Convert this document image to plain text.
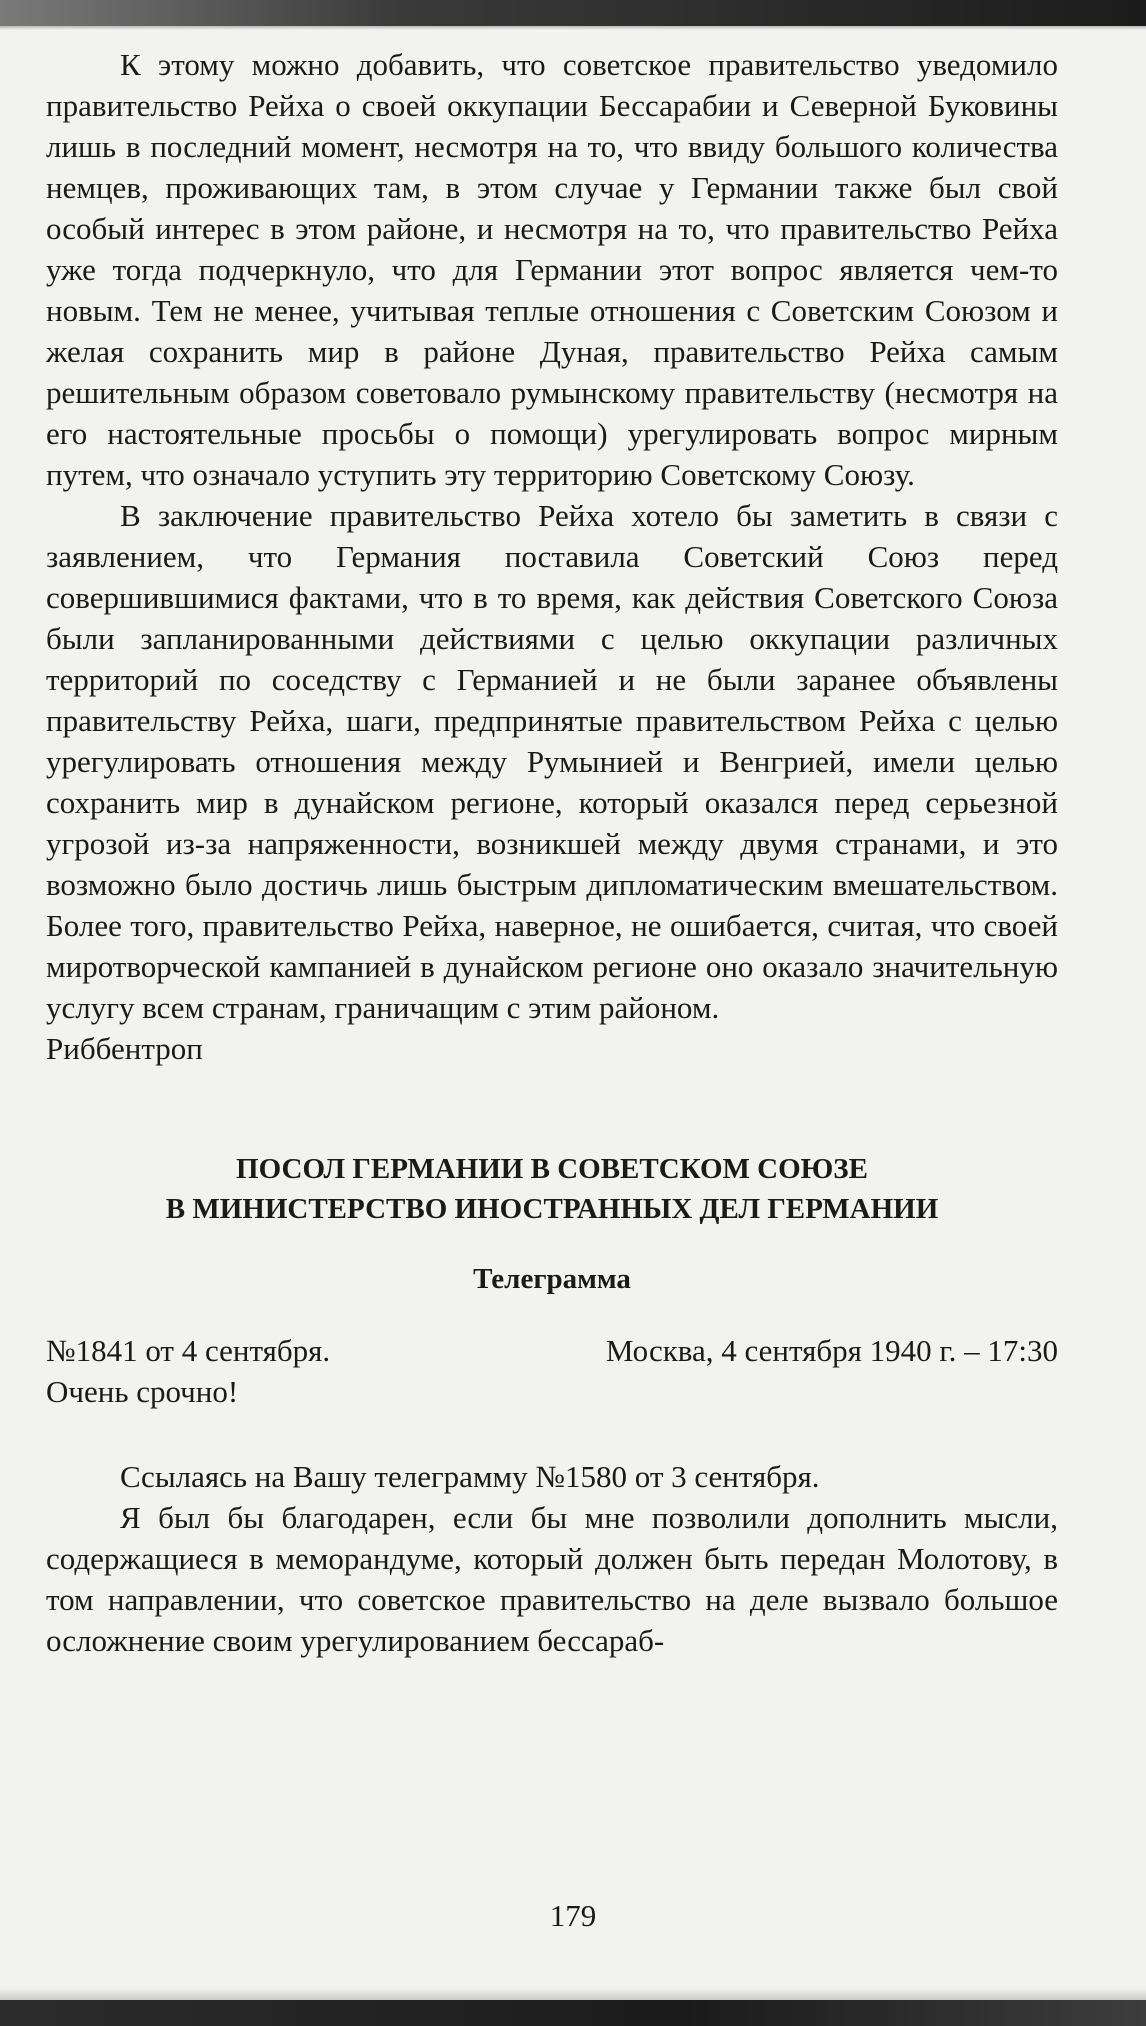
К этому можно добавить, что советское правительство уведомило правительство Рейха о своей оккупации Бессарабии и Северной Буковины лишь в последний момент, несмотря на то, что ввиду большого количества немцев, проживающих там, в этом случае у Германии также был свой особый интерес в этом районе, и несмотря на то, что правительство Рейха уже тогда подчеркнуло, что для Германии этот вопрос является чем-то новым. Тем не менее, учитывая теплые отношения с Советским Союзом и желая сохранить мир в районе Дуная, правительство Рейха самым решительным образом советовало румынскому правительству (несмотря на его настоятельные просьбы о помощи) урегулировать вопрос мирным путем, что означало уступить эту территорию Советскому Союзу.

В заключение правительство Рейха хотело бы заметить в связи с заявлением, что Германия поставила Советский Союз перед совершившимися фактами, что в то время, как действия Советского Союза были запланированными действиями с целью оккупации различных территорий по соседству с Германией и не были заранее объявлены правительству Рейха, шаги, предпринятые правительством Рейха с целью урегулировать отношения между Румынией и Венгрией, имели целью сохранить мир в дунайском регионе, который оказался перед серьезной угрозой из-за напряженности, возникшей между двумя странами, и это возможно было достичь лишь быстрым дипломатическим вмешательством. Более того, правительство Рейха, наверное, не ошибается, считая, что своей миротворческой кампанией в дунайском регионе оно оказало значительную услугу всем странам, граничащим с этим районом.

Риббентроп

ПОСОЛ ГЕРМАНИИ В СОВЕТСКОМ СОЮЗЕ
В МИНИСТЕРСТВО ИНОСТРАННЫХ ДЕЛ ГЕРМАНИИ
Телеграмма
№1841 от 4 сентября.	Москва, 4 сентября 1940 г. – 17:30

Очень срочно!

Ссылаясь на Вашу телеграмму №1580 от 3 сентября.

Я был бы благодарен, если бы мне позволили дополнить мысли, содержащиеся в меморандуме, который должен быть передан Молотову, в том направлении, что советское правительство на деле вызвало большое осложнение своим урегулированием бессараб-

179
